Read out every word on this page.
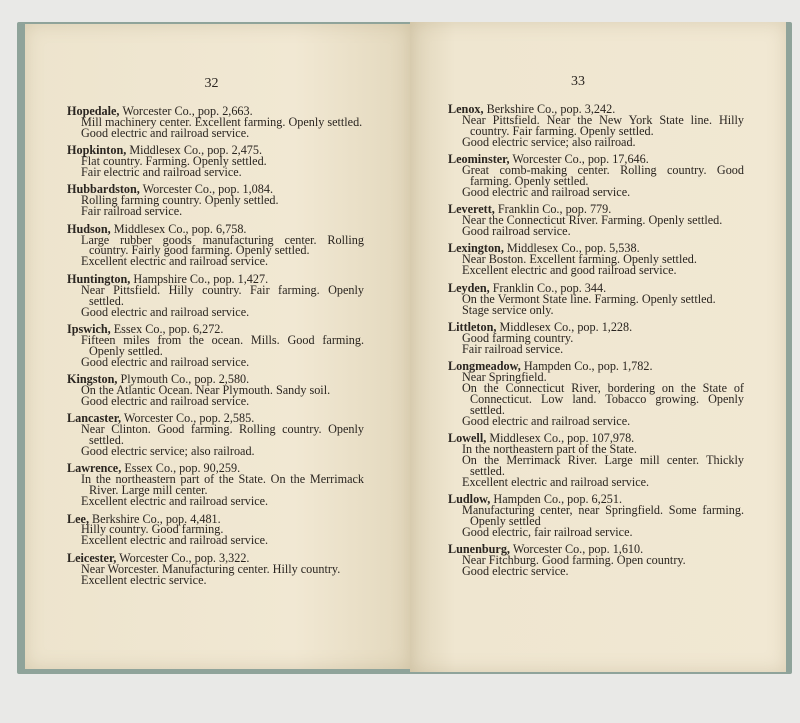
32
Hopedale, Worcester Co., pop. 2,663.
Mill machinery center. Excellent farming. Openly settled.
Good electric and railroad service.
Hopkinton, Middlesex Co., pop. 2,475.
Flat country. Farming. Openly settled.
Fair electric and railroad service.
Hubbardston, Worcester Co., pop. 1,084.
Rolling farming country. Openly settled.
Fair railroad service.
Hudson, Middlesex Co., pop. 6,758.
Large rubber goods manufacturing center. Rolling country. Fairly good farming. Openly settled.
Excellent electric and railroad service.
Huntington, Hampshire Co., pop. 1,427.
Near Pittsfield. Hilly country. Fair farming. Openly settled.
Good electric and railroad service.
Ipswich, Essex Co., pop. 6,272.
Fifteen miles from the ocean. Mills. Good farming. Openly settled.
Good electric and railroad service.
Kingston, Plymouth Co., pop. 2,580.
On the Atlantic Ocean. Near Plymouth. Sandy soil.
Good electric and railroad service.
Lancaster, Worcester Co., pop. 2,585.
Near Clinton. Good farming. Rolling country. Openly settled.
Good electric service; also railroad.
Lawrence, Essex Co., pop. 90,259.
In the northeastern part of the State. On the Merrimack River. Large mill center.
Excellent electric and railroad service.
Lee, Berkshire Co., pop. 4,481.
Hilly country. Good farming.
Excellent electric and railroad service.
Leicester, Worcester Co., pop. 3,322.
Near Worcester. Manufacturing center. Hilly country.
Excellent electric service.
33
Lenox, Berkshire Co., pop. 3,242.
Near Pittsfield. Near the New York State line. Hilly country. Fair farming. Openly settled.
Good electric service; also railroad.
Leominster, Worcester Co., pop. 17,646.
Great comb-making center. Rolling country. Good farming. Openly settled.
Good electric and railroad service.
Leverett, Franklin Co., pop. 779.
Near the Connecticut River. Farming. Openly settled.
Good railroad service.
Lexington, Middlesex Co., pop. 5,538.
Near Boston. Excellent farming. Openly settled.
Excellent electric and good railroad service.
Leyden, Franklin Co., pop. 344.
On the Vermont State line. Farming. Openly settled.
Stage service only.
Littleton, Middlesex Co., pop. 1,228.
Good farming country.
Fair railroad service.
Longmeadow, Hampden Co., pop. 1,782.
Near Springfield.
On the Connecticut River, bordering on the State of Connecticut. Low land. Tobacco growing. Openly settled.
Good electric and railroad service.
Lowell, Middlesex Co., pop. 107,978.
In the northeastern part of the State.
On the Merrimack River. Large mill center. Thickly settled.
Excellent electric and railroad service.
Ludlow, Hampden Co., pop. 6,251.
Manufacturing center, near Springfield. Some farming. Openly settled
Good electric, fair railroad service.
Lunenburg, Worcester Co., pop. 1,610.
Near Fitchburg. Good farming. Open country.
Good electric service.
